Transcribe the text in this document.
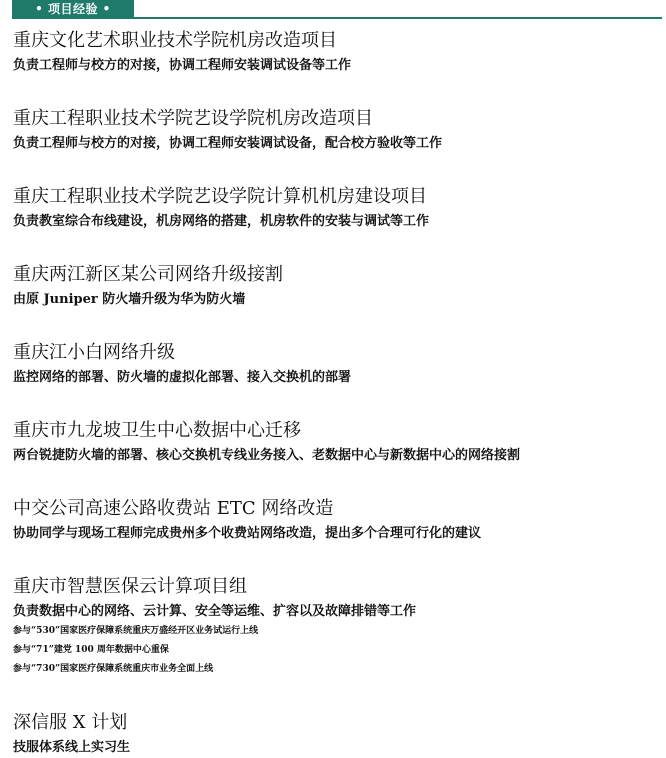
• 项目经验 •
重庆文化艺术职业技术学院机房改造项目
负责工程师与校方的对接，协调工程师安装调试设备等工作
重庆工程职业技术学院艺设学院机房改造项目
负责工程师与校方的对接，协调工程师安装调试设备，配合校方验收等工作
重庆工程职业技术学院艺设学院计算机机房建设项目
负责教室综合布线建设，机房网络的搭建，机房软件的安装与调试等工作
重庆两江新区某公司网络升级接割
由原 Juniper 防火墙升级为华为防火墙
重庆江小白网络升级
监控网络的部署、防火墙的虚拟化部署、接入交换机的部署
重庆市九龙坡卫生中心数据中心迁移
两台锐捷防火墙的部署、核心交换机专线业务接入、老数据中心与新数据中心的网络接割
中交公司高速公路收费站 ETC 网络改造
协助同学与现场工程师完成贵州多个收费站网络改造，提出多个合理可行化的建议
重庆市智慧医保云计算项目组
负责数据中心的网络、云计算、安全等运维、扩容以及故障排错等工作
参与“530”国家医疗保障系统重庆万盛经开区业务试运行上线
参与“71”建党 100 周年数据中心重保
参与“730”国家医疗保障系统重庆市业务全面上线
深信服 X 计划
技服体系线上实习生
